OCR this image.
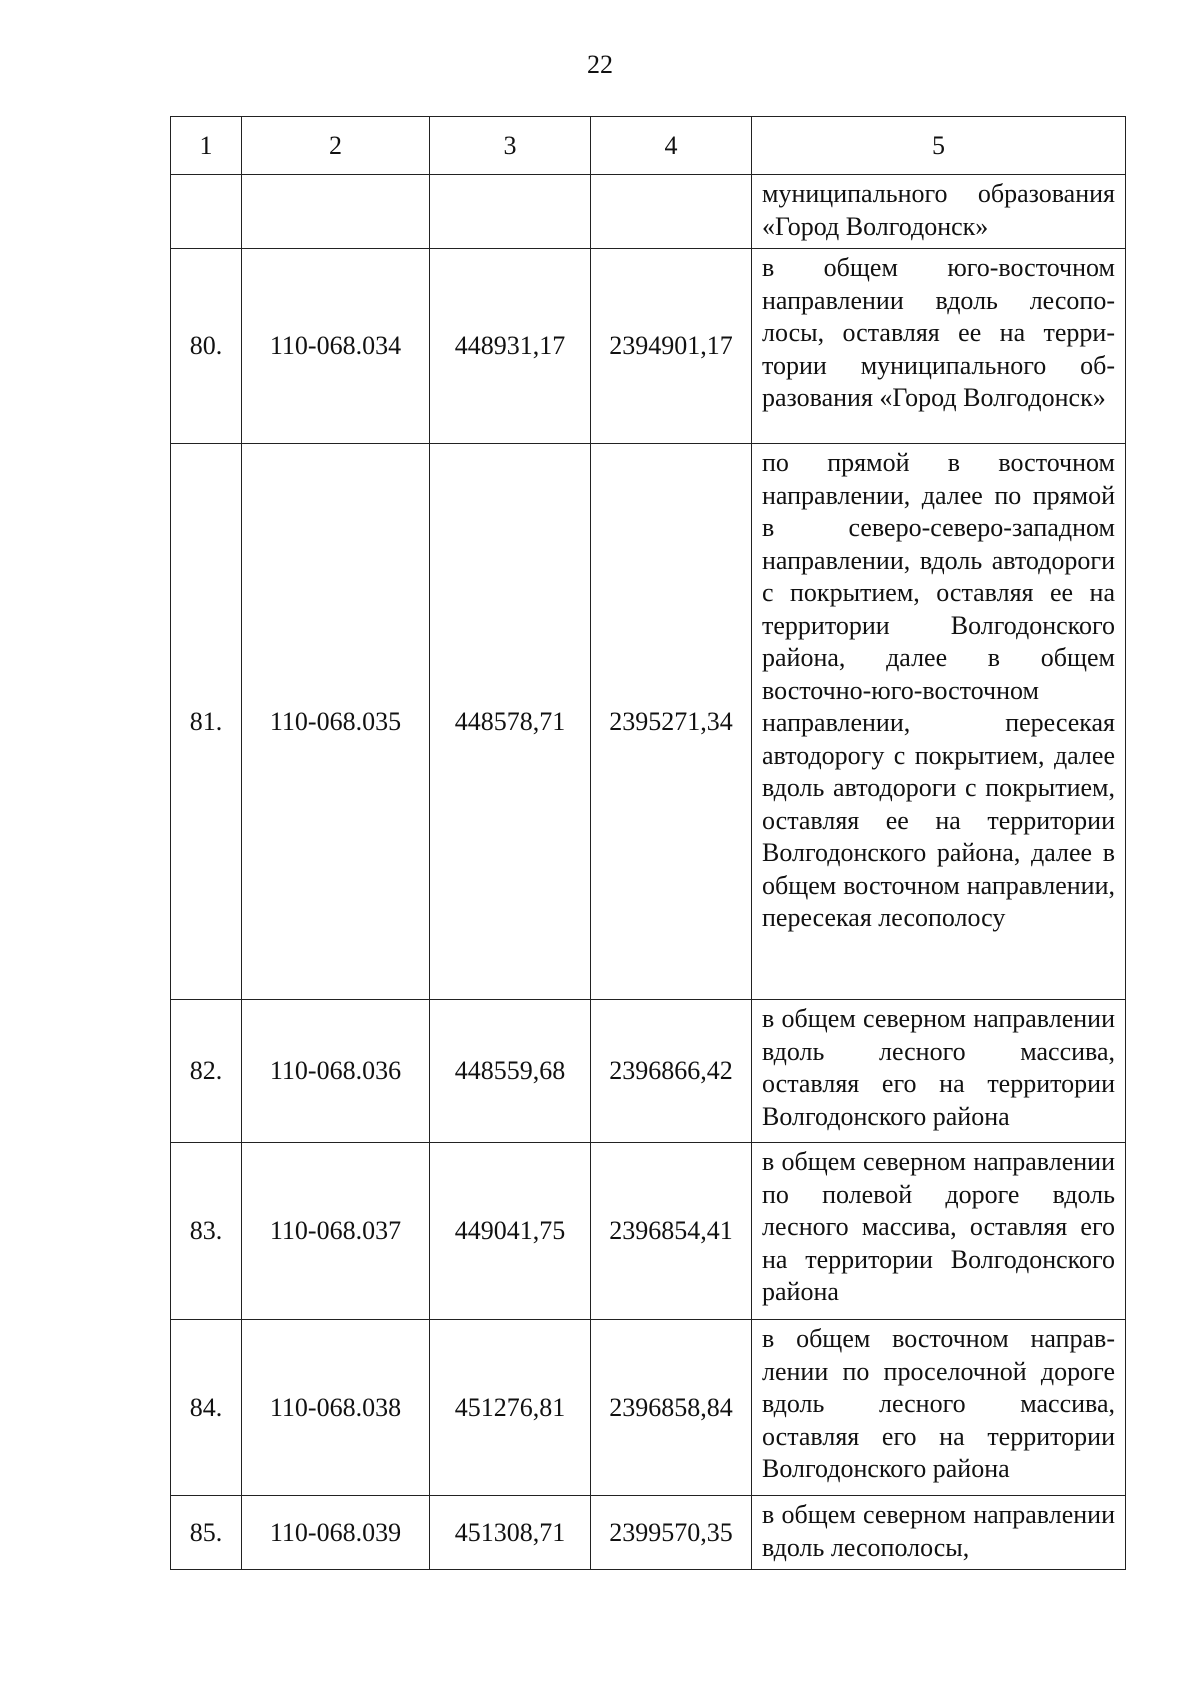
22
1	2	3	4	5
				муниципального образования «Город Волгодонск»
80.	110-068.034	448931,17	2394901,17	в общем юго-восточном направлении вдоль лесополосы, оставляя ее на территории муниципального образования «Город Волгодонск»
81.	110-068.035	448578,71	2395271,34	по прямой в восточном направлении, далее по прямой в северо-северо-западном направлении, вдоль автодороги с покрытием, оставляя ее на территории Волгодонского района, далее в общем восточно-юго-восточном направлении, пересекая автодорогу с покрытием, далее вдоль автодороги с покрытием, оставляя ее на территории Волгодонского района, далее в общем восточном направлении, пересекая лесополосу
82.	110-068.036	448559,68	2396866,42	в общем северном направлении вдоль лесного массива, оставляя его на территории Волгодонского района
83.	110-068.037	449041,75	2396854,41	в общем северном направлении по полевой дороге вдоль лесного массива, оставляя его на территории Волгодонского района
84.	110-068.038	451276,81	2396858,84	в общем восточном направлении по проселочной дороге вдоль лесного массива, оставляя его на территории Волгодонского района
85.	110-068.039	451308,71	2399570,35	в общем северном направлении вдоль лесополосы,
